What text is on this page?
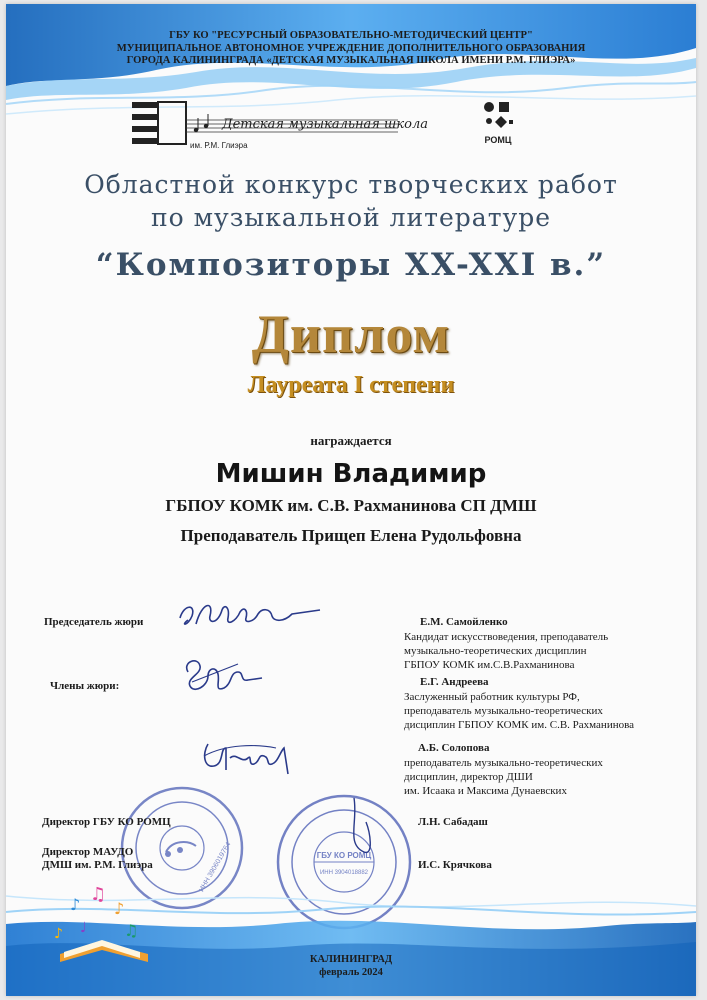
ГБУ КО "РЕСУРСНЫЙ ОБРАЗОВАТЕЛЬНО-МЕТОДИЧЕСКИЙ ЦЕНТР"
МУНИЦИПАЛЬНОЕ АВТОНОМНОЕ УЧРЕЖДЕНИЕ ДОПОЛНИТЕЛЬНОГО ОБРАЗОВАНИЯ
ГОРОДА КАЛИНИНГРАДА «ДЕТСКАЯ МУЗЫКАЛЬНАЯ ШКОЛА ИМЕНИ Р.М. ГЛИЭРА»
Детская музыкальная школа
им. Р.М. Глиэра
РОМЦ
Областной конкурс творческих работ
по музыкальной литературе
“Композиторы XX-XXI в.”
Диплом
Лауреата I степени
награждается
Мишин Владимир
ГБПОУ КОМК им. С.В. Рахманинова СП ДМШ
Преподаватель Прищеп Елена Рудольфовна
Председатель жюри
Члены жюри:
Е.М. Самойленко
Кандидат искусствоведения, преподаватель
музыкально-теоретических дисциплин
ГБПОУ КОМК им.С.В.Рахманинова
Е.Г. Андреева
Заслуженный работник культуры РФ,
преподаватель музыкально-теоретических
дисциплин ГБПОУ КОМК им. С.В. Рахманинова
А.Б. Солопова
преподаватель музыкально-теоретических
дисциплин, директор ДШИ
им. Исаака и Максима Дунаевских
ИНН 3906019764	ГБУ КО РОМЦ
ИНН 3904018882
Директор ГБУ КО РОМЦ	Л.Н. Сабадаш
Директор МАУДО
ДМШ им. Р.М. Глиэра	И.С. Крячкова
♪ ♫
♪
♩ ♫
♪
КАЛИНИНГРАД
февраль 2024
